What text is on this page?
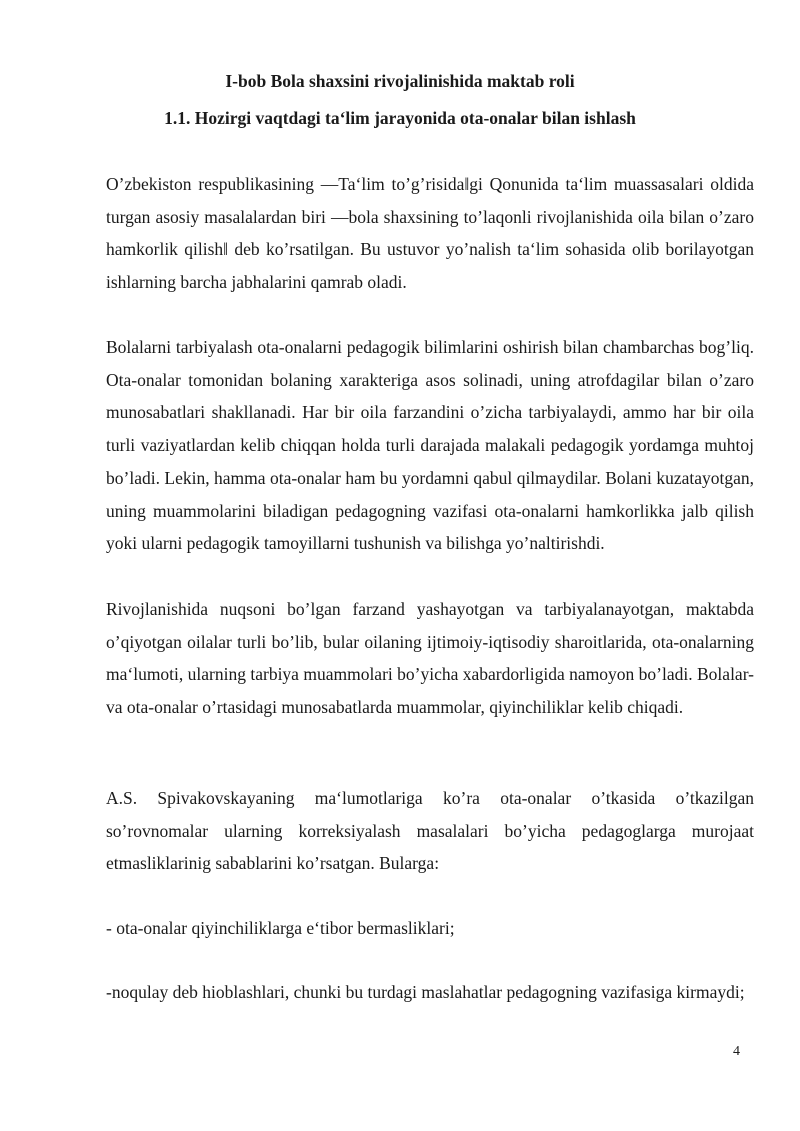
I-bob Bola shaxsini rivojalinishida maktab roli
1.1. Hozirgi vaqtdagi ta‘lim jarayonida ota-onalar bilan ishlash

O’zbekiston respublikasining ―Ta‘lim to’g’risida‖gi Qonunida ta‘lim muassasalari oldida turgan asosiy masalalardan biri ―bola shaxsining to’laqonli rivojlanishida oila bilan o’zaro hamkorlik qilish‖ deb ko’rsatilgan. Bu ustuvor yo’nalish ta‘lim sohasida olib borilayotgan ishlarning barcha jabhalarini qamrab oladi.

Bolalarni tarbiyalash ota-onalarni pedagogik bilimlarini oshirish bilan chambarchas bog’liq. Ota-onalar tomonidan bolaning xarakteriga asos solinadi, uning atrofdagilar bilan o’zaro munosabatlari shakllanadi. Har bir oila farzandini o’zicha tarbiyalaydi, ammo har bir oila turli vaziyatlardan kelib chiqqan holda turli darajada malakali pedagogik yordamga muhtoj bo’ladi. Lekin, hamma ota-onalar ham bu yordamni qabul qilmaydilar. Bolani kuzatayotgan, uning muammolarini biladigan pedagogning vazifasi ota-onalarni hamkorlikka jalb qilish yoki ularni pedagogik tamoyillarni tushunish va bilishga yo’naltirishdi.

Rivojlanishida nuqsoni bo’lgan farzand yashayotgan va tarbiyalanayotgan, maktabda o’qiyotgan oilalar turli bo’lib, bular oilaning ijtimoiy-iqtisodiy sharoitlarida, ota-onalarning ma‘lumoti, ularning tarbiya muammolari bo’yicha xabardorligida namoyon bo’ladi. Bolalar-va ota-onalar o’rtasidagi munosabatlarda muammolar, qiyinchiliklar kelib chiqadi.

A.S. Spivakovskayaning ma‘lumotlariga ko’ra ota-onalar o’tkasida o’tkazilgan so’rovnomalar ularning korreksiyalash masalalari bo’yicha pedagoglarga murojaat etmasliklarinig sabablarini ko’rsatgan. Bularga:

- ota-onalar qiyinchiliklarga e‘tibor bermasliklari;

-noqulay deb hioblashlari, chunki bu turdagi maslahatlar pedagogning vazifasiga kirmaydi;

4
